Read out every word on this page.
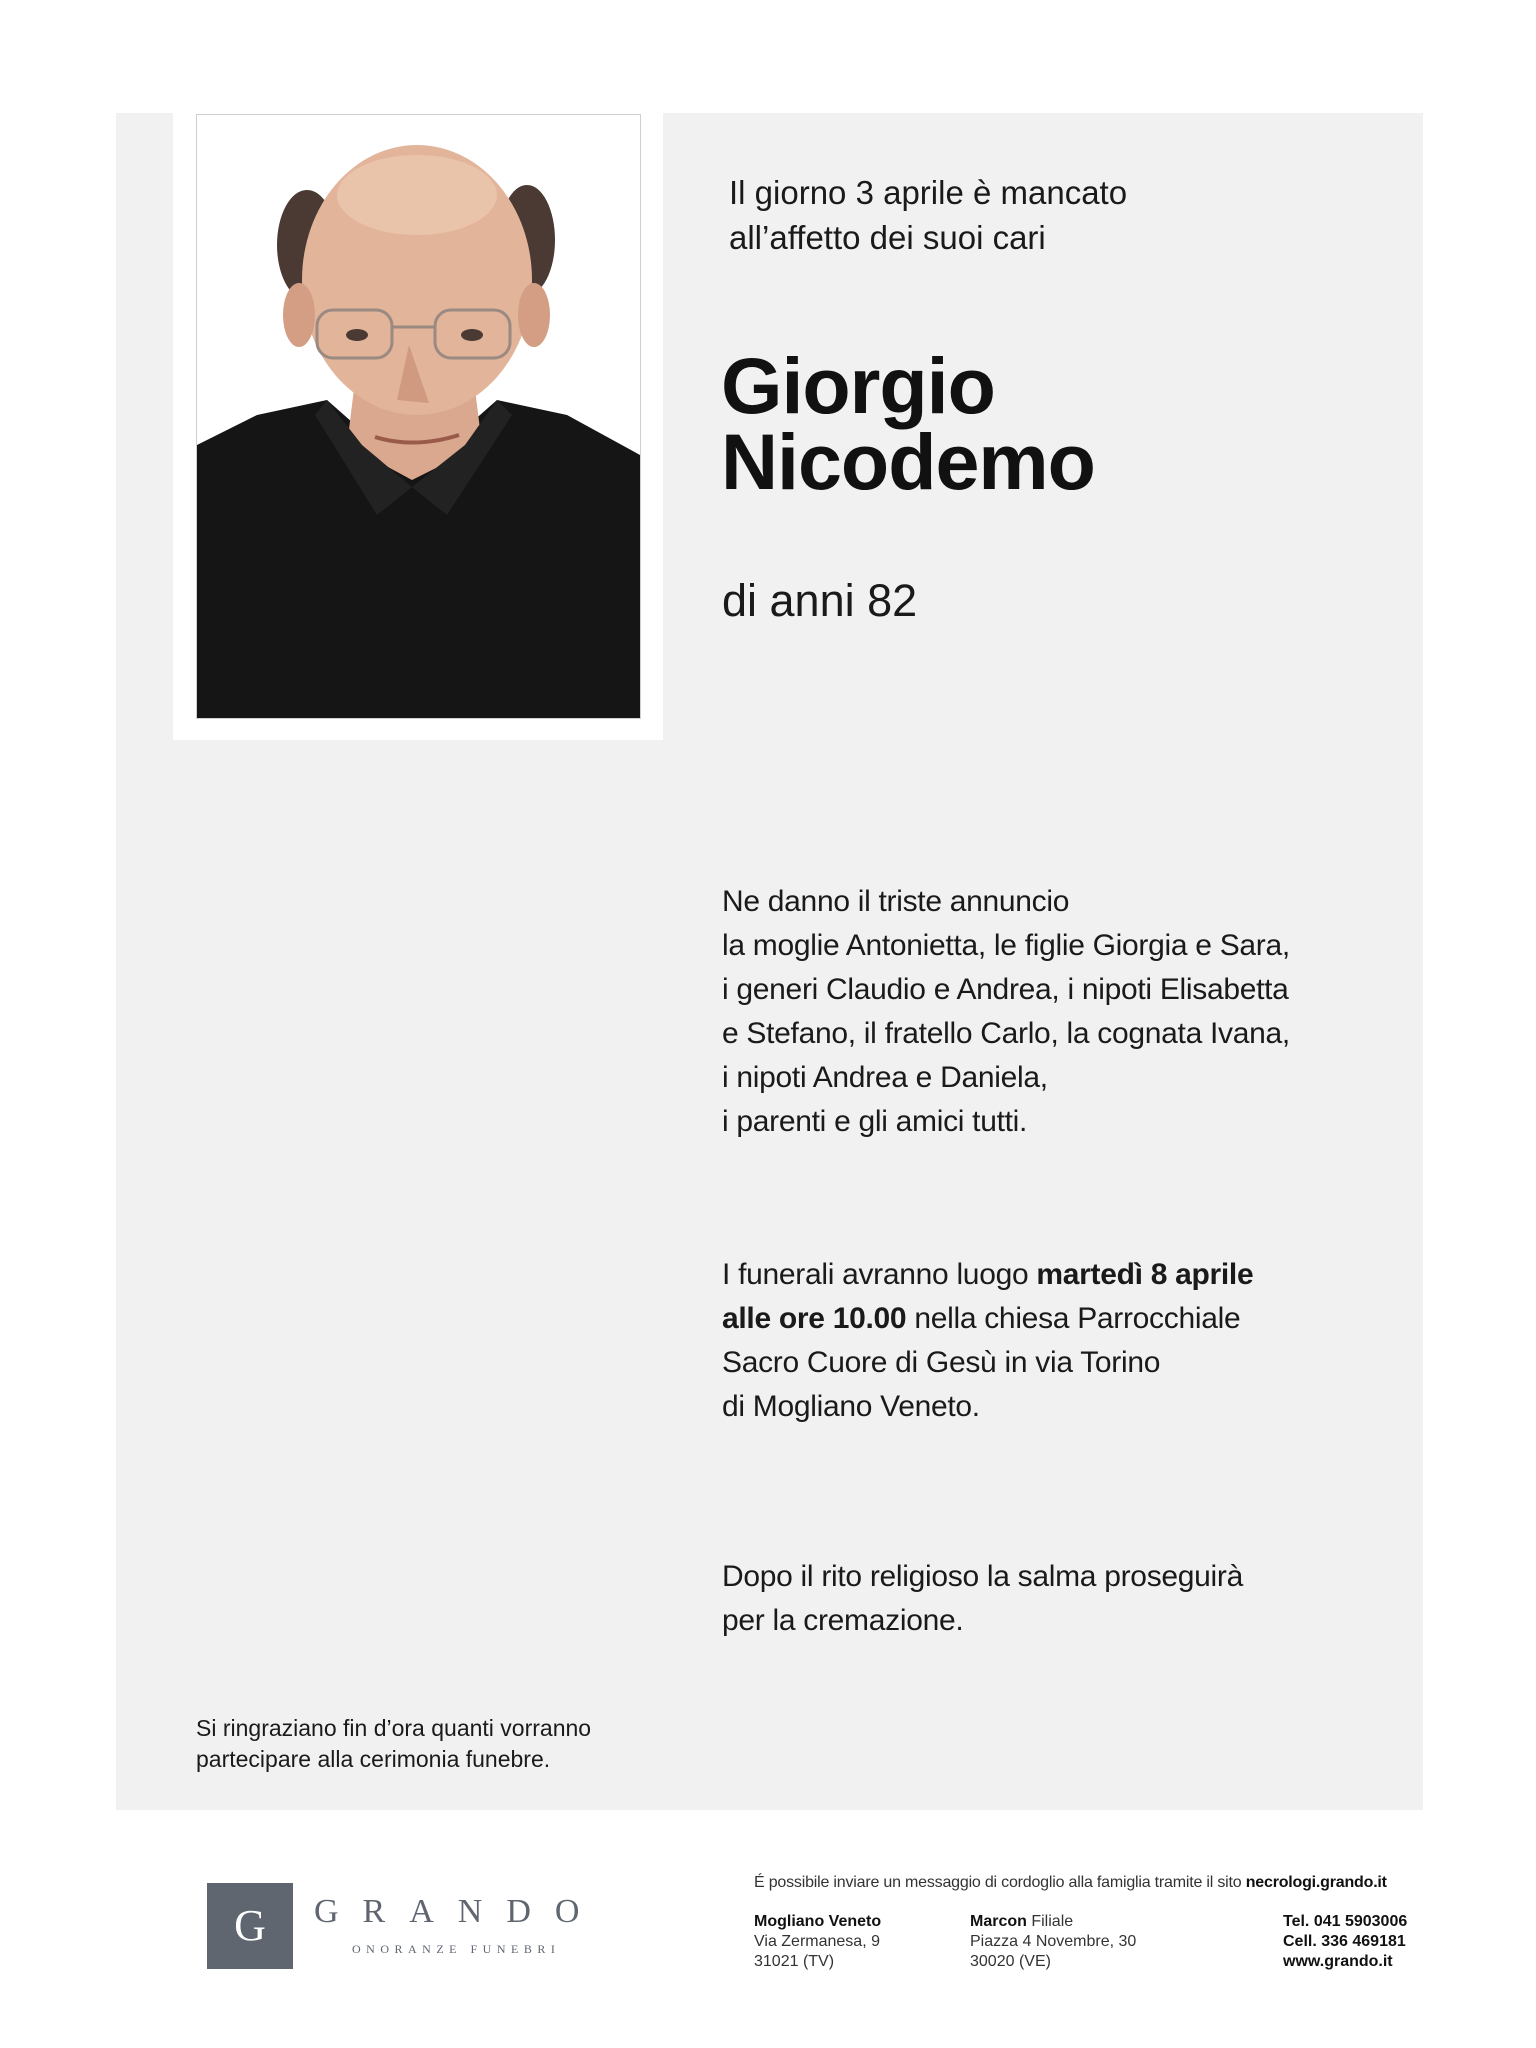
Il giorno 3 aprile è mancato
all’affetto dei suoi cari
Giorgio
Nicodemo
di anni 82
Ne danno il triste annuncio
la moglie Antonietta, le figlie Giorgia e Sara,
i generi Claudio e Andrea, i nipoti Elisabetta
e Stefano, il fratello Carlo, la cognata Ivana,
i nipoti Andrea e Daniela,
i parenti e gli amici tutti.
I funerali avranno luogo martedì 8 aprile
alle ore 10.00 nella chiesa Parrocchiale
Sacro Cuore di Gesù in via Torino
di Mogliano Veneto.
Dopo il rito religioso la salma proseguirà
per la cremazione.
Si ringraziano fin d’ora quanti vorranno
partecipare alla cerimonia funebre.
G	GRANDO
ONORANZE FUNEBRI
É possibile inviare un messaggio di cordoglio alla famiglia tramite il sito necrologi.grando.it
Mogliano Veneto
Via Zermanesa, 9
31021 (TV)
Marcon Filiale
Piazza 4 Novembre, 30
30020 (VE)
Tel. 041 5903006
Cell. 336 469181
www.grando.it
